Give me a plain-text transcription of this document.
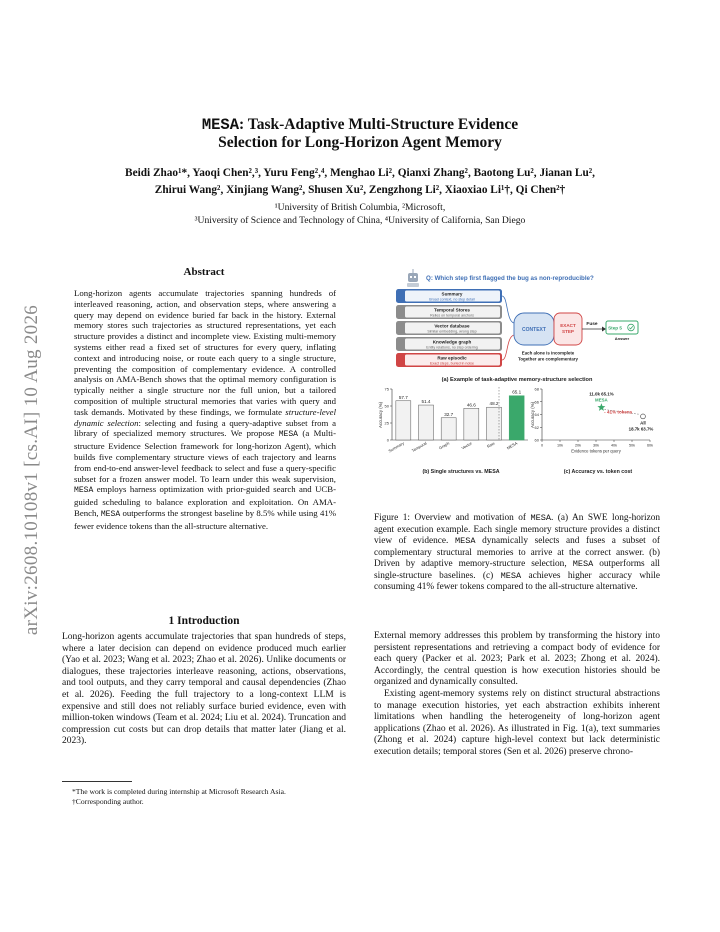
arXiv:2608.10108v1 [cs.AI] 10 Aug 2026
MESA: Task-Adaptive Multi-Structure Evidence
Selection for Long-Horizon Agent Memory
Beidi Zhao¹*, Yaoqi Chen²,³, Yuru Feng²,⁴, Menghao Li², Qianxi Zhang², Baotong Lu², Jianan Lu²,
Zhirui Wang², Xinjiang Wang², Shusen Xu², Zengzhong Li², Xiaoxiao Li¹†, Qi Chen²†
¹University of British Columbia, ²Microsoft,
³University of Science and Technology of China, ⁴University of California, San Diego
Abstract
Long-horizon agents accumulate trajectories spanning hundreds of interleaved reasoning, action, and observation steps, where answering a query may depend on evidence buried far back in the history. External memory stores such trajectories as structured representations, yet each structure provides a distinct and incomplete view. Existing multi-memory systems either read a fixed set of structures for every query, inflating context and introducing noise, or route each query to a single structure, preventing the composition of complementary evidence. A controlled analysis on AMA-Bench shows that the optimal memory configuration is typically neither a single structure nor the full union, but a tailored composition of multiple structural memories that varies with query and task demands. Motivated by these findings, we formulate structure-level dynamic selection: selecting and fusing a query-adaptive subset from a library of specialized memory structures. We propose MESA (a Multi-structure Evidence Selection framework for long-horizon Agent), which builds five complementary structure views of each trajectory and learns from end-to-end answer-level feedback to select and fuse a query-specific subset for a frozen answer model. To learn under this weak supervision, MESA employs harness optimization with prior-guided search and UCB-guided scheduling to balance exploration and exploitation. On AMA-Bench, MESA outperforms the strongest baseline by 8.5% while using 41% fewer evidence tokens than the all-structure alternative.
1 Introduction
Long-horizon agents accumulate trajectories that span hundreds of steps, where a later decision can depend on evidence produced much earlier (Yao et al. 2023; Wang et al. 2023; Zhao et al. 2026). Unlike documents or dialogues, these trajectories interleave reasoning, actions, observations, and tool outputs, and they carry temporal and causal dependencies (Zhao et al. 2026). Feeding the full trajectory to a long-context LLM is expensive and still does not reliably surface buried evidence, even with million-token windows (Team et al. 2024; Liu et al. 2024). Truncation and compression cut costs but can drop details that matter later (Jiang et al. 2023).

*The work is completed during internship at Microsoft Research Asia.

†Corresponding author.

Q: Which step first flagged the bug as non-reproducible?
Summary
Broad context, no step detail
Temporal Stores
Relies on temporal anchors
Vector database
Similar embedding, wrong step
Knowledge graph
Entity relations, no step ordering
Raw episodic
Exact steps, buried in noise
CONTEXT
EXACT
STEP
Fuse
Step 5
Answer
Each alone is incomplete
Together are complementary
(a) Example of task-adaptive memory-structure selection
Accuracy (%)
0
25
50
75
57.7
Summary
51.4
Temporal
32.7
Graph
46.6
Vector
48.2
Raw
65.1
MESA
(b) Single structures vs. MESA
Accuracy (%)
Evidence tokens per query
60
62
64
66
68
0	10k	20k	30k	40k	50k	60k
11.0k 65.1%
MESA
All
18.7k 63.7%
- 41% tokens
(c) Accuracy vs. token cost
Figure 1: Overview and motivation of MESA. (a) An SWE long-horizon agent execution example. Each single memory structure provides a distinct view of evidence. MESA dynamically selects and fuses a subset of complementary structural memories to arrive at the correct answer. (b) Driven by adaptive memory-structure selection, MESA outperforms all single-structure baselines. (c) MESA achieves higher accuracy while consuming 41% fewer tokens compared to the all-structure alternative.

External memory addresses this problem by transforming the history into persistent representations and retrieving a compact body of evidence for each query (Packer et al. 2023; Park et al. 2023; Zhong et al. 2024). Accordingly, the central question is how execution histories should be organized and dynamically consulted.

Existing agent-memory systems rely on distinct structural abstractions to manage execution histories, yet each abstraction exhibits inherent limitations when handling the heterogeneity of long-horizon agent applications (Zhao et al. 2026). As illustrated in Fig. 1(a), text summaries (Zhong et al. 2024) capture high-level context but lack deterministic execution details; temporal stores (Sen et al. 2026) preserve chrono-
